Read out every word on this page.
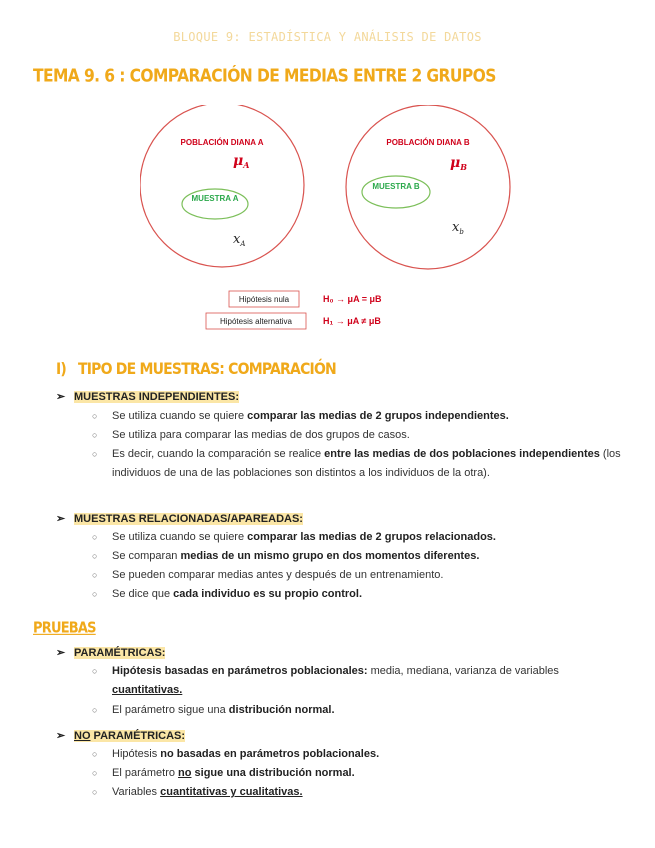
BLOQUE 9: ESTADÍSTICA Y ANÁLISIS DE DATOS
TEMA 9. 6 : COMPARACIÓN DE MEDIAS ENTRE 2 GRUPOS
POBLACIÓN DIANA A
$\mu_A$
MUESTRA A
$x_A$
POBLACIÓN DIANA B
$\mu_B$
MUESTRA B
$x_b$
Hipótesis nula	H₀ → μA = μB
Hipótesis alternativa	H₁ → μA ≠ μB
I) TIPO DE MUESTRAS: COMPARACIÓN
➢ MUESTRAS INDEPENDIENTES:
○ Se utiliza cuando se quiere comparar las medias de 2 grupos independientes.
○ Se utiliza para comparar las medias de dos grupos de casos.
○ Es decir, cuando la comparación se realice entre las medias de dos poblaciones independientes (los individuos de una de las poblaciones son distintos a los individuos de la otra).
➢ MUESTRAS RELACIONADAS/APAREADAS:
○ Se utiliza cuando se quiere comparar las medias de 2 grupos relacionados.
○ Se comparan medias de un mismo grupo en dos momentos diferentes.
○ Se pueden comparar medias antes y después de un entrenamiento.
○ Se dice que cada individuo es su propio control.
PRUEBAS
➢ PARAMÉTRICAS:
○ Hipótesis basadas en parámetros poblacionales: media, mediana, varianza de variables cuantitativas.
○ El parámetro sigue una distribución normal.
➢ NO PARAMÉTRICAS:
○ Hipótesis no basadas en parámetros poblacionales.
○ El parámetro no sigue una distribución normal.
○ Variables cuantitativas y cualitativas.
